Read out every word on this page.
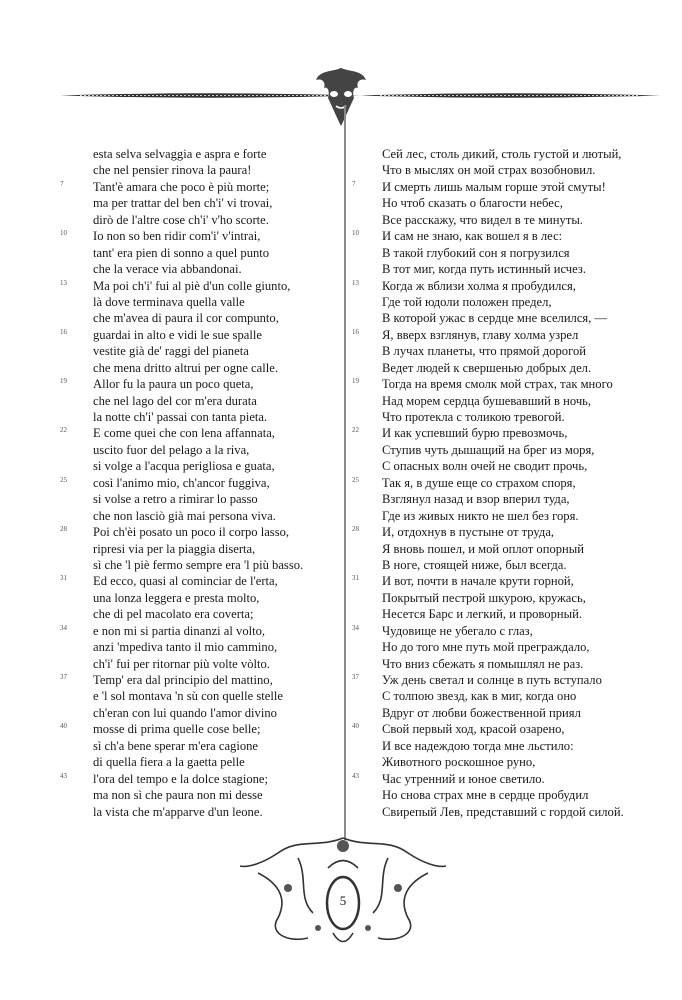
esta selva selvaggia e aspra e forte
che nel pensier rinova la paura!
7 Tant'è amara che poco è più morte;
ma per trattar del ben ch'i' vi trovai,
dirò de l'altre cose ch'i' v'ho scorte.
10 Io non so ben ridir com'i' v'intrai,
tant' era pien di sonno a quel punto
che la verace via abbandonai.
13 Ma poi ch'i' fui al piè d'un colle giunto,
là dove terminava quella valle
che m'avea di paura il cor compunto,
16 guardai in alto e vidi le sue spalle
vestite già de' raggi del pianeta
che mena dritto altrui per ogne calle.
19 Allor fu la paura un poco queta,
che nel lago del cor m'era durata
la notte ch'i' passai con tanta pieta.
22 E come quei che con lena affannata,
uscito fuor del pelago a la riva,
si volge a l'acqua perigliosa e guata,
25 così l'animo mio, ch'ancor fuggiva,
si volse a retro a rimirar lo passo
che non lasciò già mai persona viva.
28 Poi ch'èi posato un poco il corpo lasso,
ripresi via per la piaggia diserta,
sì che 'l piè fermo sempre era 'l più basso.
31 Ed ecco, quasi al cominciar de l'erta,
una lonza leggera e presta molto,
che di pel macolato era coverta;
34 e non mi si partia dinanzi al volto,
anzi 'mpediva tanto il mio cammino,
ch'i' fui per ritornar più volte vòlto.
37 Temp' era dal principio del mattino,
e 'l sol montava 'n sù con quelle stelle
ch'eran con lui quando l'amor divino
40 mosse di prima quelle cose belle;
sì ch'a bene sperar m'era cagione
di quella fiera a la gaetta pelle
43 l'ora del tempo e la dolce stagione;
ma non sì che paura non mi desse
la vista che m'apparve d'un leone.
Сей лес, столь дикий, столь густой и лютый,
Что в мыслях он мой страх возобновил.
7 И смерть лишь малым горше этой смуты!
Но чтоб сказать о благости небес,
Все расскажу, что видел в те минуты.
10 И сам не знаю, как вошел я в лес:
В такой глубокий сон я погрузился
В тот миг, когда путь истинный исчез.
13 Когда ж вблизи холма я пробудился,
Где той юдоли положен предел,
В которой ужас в сердце мне вселился, —
16 Я, вверх взглянув, главу холма узрел
В лучах планеты, что прямой дорогой
Ведет людей к свершенью добрых дел.
19 Тогда на время смолк мой страх, так много
Над морем сердца бушевавший в ночь,
Что протекла с толикою тревогой.
22 И как успевший бурю превозмочь,
Ступив чуть дышащий на брег из моря,
С опасных волн очей не сводит прочь,
25 Так я, в душе еще со страхом споря,
Взглянул назад и взор вперил туда,
Где из живых никто не шел без горя.
28 И, отдохнув в пустыне от труда,
Я вновь пошел, и мой оплот опорный
В ноге, стоящей ниже, был всегда.
31 И вот, почти в начале крути горной,
Покрытый пестрой шкурою, кружась,
Несется Барс и легкий, и проворный.
34 Чудовище не убегало с глаз,
Но до того мне путь мой преграждало,
Что вниз сбежать я помышлял не раз.
37 Уж день светал и солнце в путь вступало
С толпою звезд, как в миг, когда оно
Вдруг от любви божественной приял
40 Свой первый ход, красой озарено,
И все надеждою тогда мне льстило:
Животного роскошное руно,
43 Час утренний и юное светило.
Но снова страх мне в сердце пробудил
Свирепый Лев, представший с гордой силой.
5
